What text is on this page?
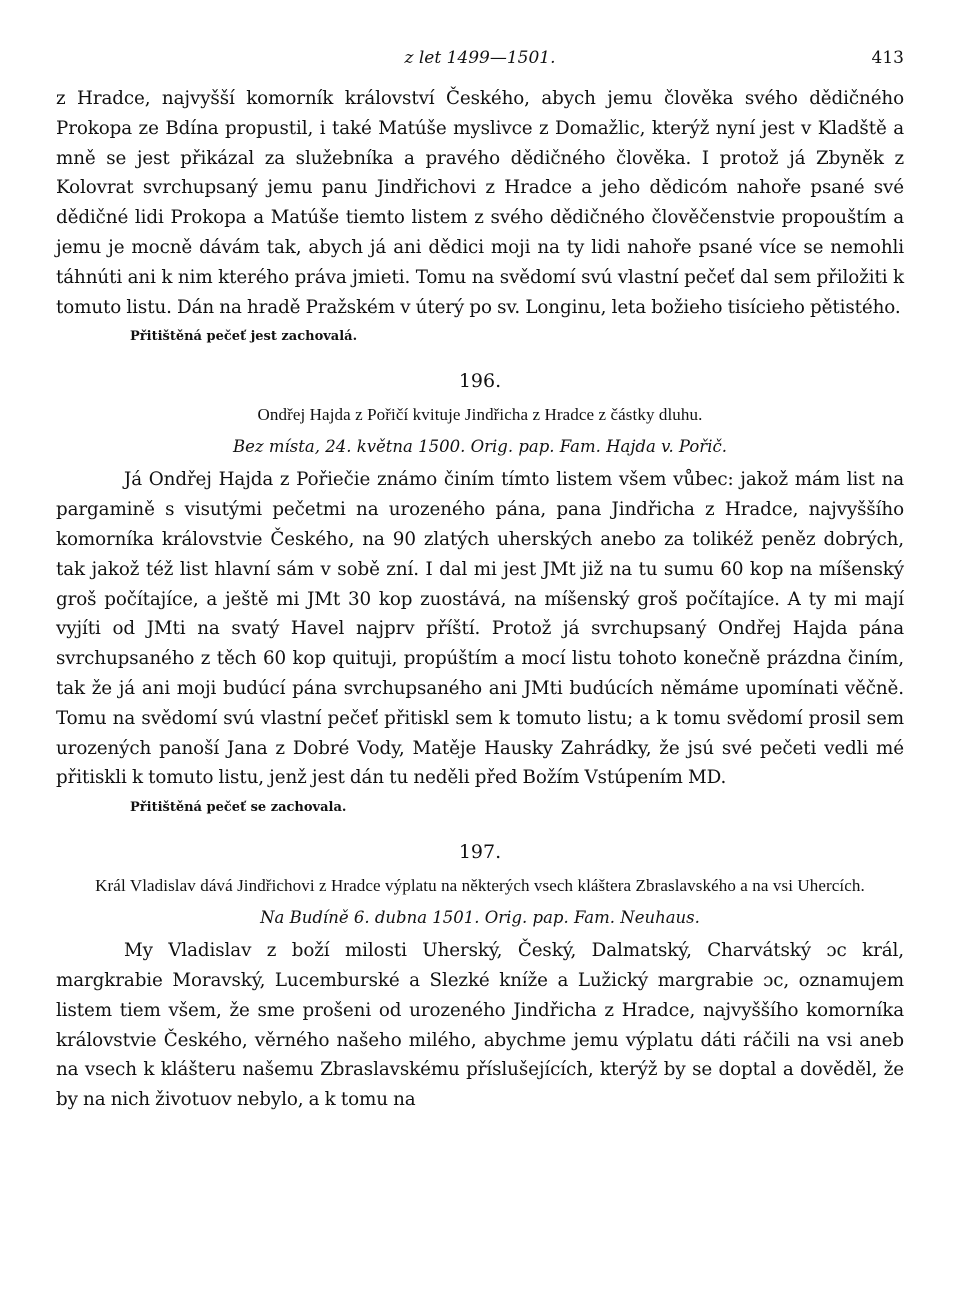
z let 1499—1501.	413

z Hradce, najvyšší komorník království Českého, abych jemu člověka svého dědičného Prokopa ze Bdína propustil, i také Matúše myslivce z Domažlic, kterýž nyní jest v Kladště a mně se jest přikázal za služebníka a pravého dědičného člověka. I protož já Zbyněk z Kolovrat svrchupsaný jemu panu Jindřichovi z Hradce a jeho dědicóm nahoře psané své dědičné lidi Prokopa a Matúše tiemto listem z svého dědičného člověčenstvie propouštím a jemu je mocně dávám tak, abych já ani dědici moji na ty lidi nahoře psané více se nemohli táhnúti ani k nim kterého práva jmieti. Tomu na svědomí svú vlastní pečeť dal sem přiložiti k tomuto listu. Dán na hradě Pražském v úterý po sv. Longinu, leta božieho tisícieho pětistého.

Přitištěná pečeť jest zachovalá.
196.
Ondřej Hajda z Pořičí kvituje Jindřicha z Hradce z částky dluhu.
Bez místa, 24. května 1500. Orig. pap. Fam. Hajda v. Pořič.

Já Ondřej Hajda z Pořiečie známo činím tímto listem všem vůbec: jakož mám list na pargamině s visutými pečetmi na urozeného pána, pana Jindřicha z Hradce, najvyššího komorníka královstvie Českého, na 90 zlatých uherských anebo za tolikéž peněz dobrých, tak jakož též list hlavní sám v sobě zní. I dal mi jest JMt již na tu sumu 60 kop na míšenský groš počítajíce, a ještě mi JMt 30 kop zuostává, na míšenský groš počítajíce. A ty mi mají vyjíti od JMti na svatý Havel najprv příští. Protož já svrchupsaný Ondřej Hajda pána svrchupsaného z těch 60 kop quituji, propúštím a mocí listu tohoto konečně prázdna činím, tak že já ani moji budúcí pána svrchupsaného ani JMti budúcích němáme upomínati věčně. Tomu na svědomí svú vlastní pečeť přitiskl sem k tomuto listu; a k tomu svědomí prosil sem urozených panoší Jana z Dobré Vody, Matěje Hausky Zahrádky, že jsú své pečeti vedli mé přitiskli k tomuto listu, jenž jest dán tu neděli před Božím Vstúpením MD.

Přitištěná pečeť se zachovala.
197.
Král Vladislav dává Jindřichovi z Hradce výplatu na některých vsech kláštera Zbraslavského a na vsi Uhercích.
Na Budíně 6. dubna 1501. Orig. pap. Fam. Neuhaus.

My Vladislav z boží milosti Uherský, Český, Dalmatský, Charvátský ɔc král, margkrabie Moravský, Lucemburské a Slezké kníže a Lužický margrabie ɔc, oznamujem listem tiem všem, že sme prošeni od urozeného Jindřicha z Hradce, najvyššího komorníka královstvie Českého, věrného našeho milého, abychme jemu výplatu dáti ráčili na vsi aneb na vsech k klášteru našemu Zbraslavskému příslušejících, kterýž by se doptal a dověděl, že by na nich životuov nebylo, a k tomu na
